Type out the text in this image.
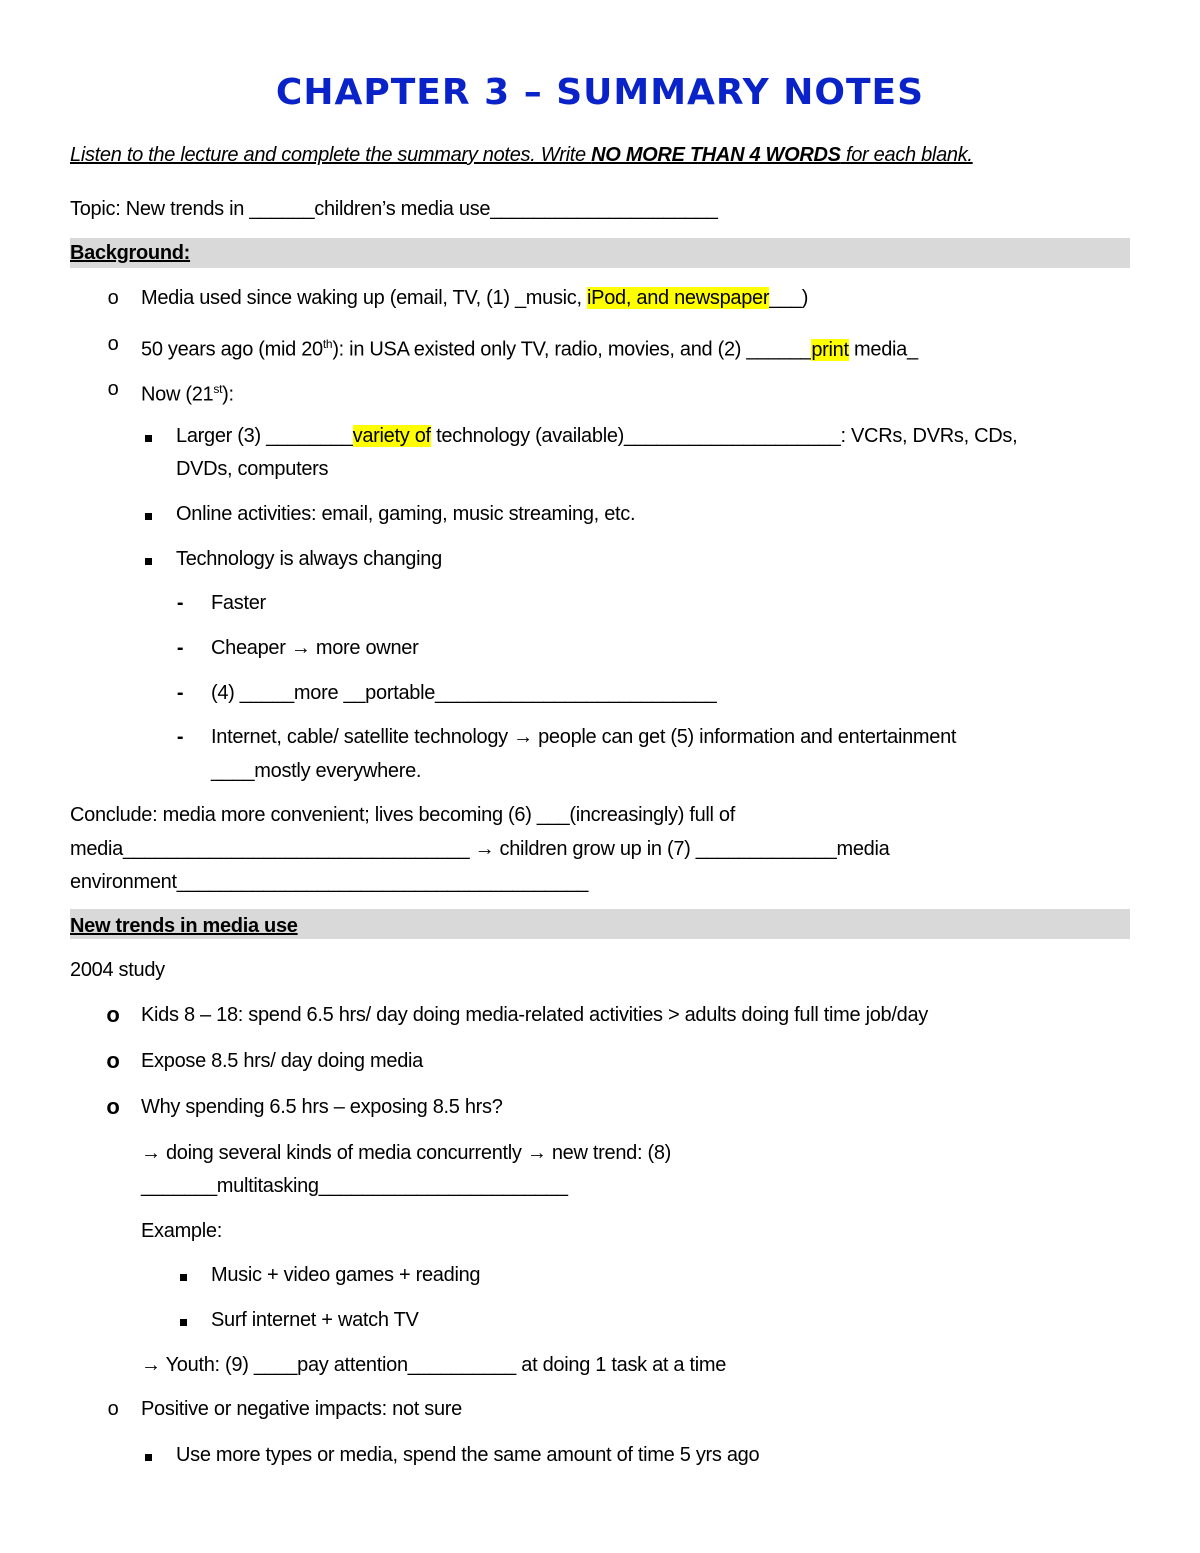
CHAPTER 3 – SUMMARY NOTES
Listen to the lecture and complete the summary notes. Write NO MORE THAN 4 WORDS for each blank.
Topic: New trends in ______children’s media use_____________________
Background:
o Media used since waking up (email, TV, (1) _music, iPod, and newspaper___)
o 50 years ago (mid 20th): in USA existed only TV, radio, movies, and (2) ______print media_
o Now (21st):
Larger (3) ________variety of technology (available)____________________: VCRs, DVRs, CDs,
DVDs, computers
Online activities: email, gaming, music streaming, etc.
Technology is always changing
- Faster
- Cheaper → more owner
- (4) _____more __portable__________________________
- Internet, cable/ satellite technology → people can get (5) information and entertainment
____mostly everywhere.
Conclude: media more convenient; lives becoming (6) ___(increasingly) full of
media________________________________ → children grow up in (7) _____________media
environment______________________________________
New trends in media use
2004 study
o Kids 8 – 18: spend 6.5 hrs/ day doing media-related activities > adults doing full time job/day
o Expose 8.5 hrs/ day doing media
o Why spending 6.5 hrs – exposing 8.5 hrs?
→ doing several kinds of media concurrently → new trend: (8)
_______multitasking_______________________
Example:
Music + video games + reading
Surf internet + watch TV
→ Youth: (9) ____pay attention__________ at doing 1 task at a time
o Positive or negative impacts: not sure
Use more types or media, spend the same amount of time 5 yrs ago
